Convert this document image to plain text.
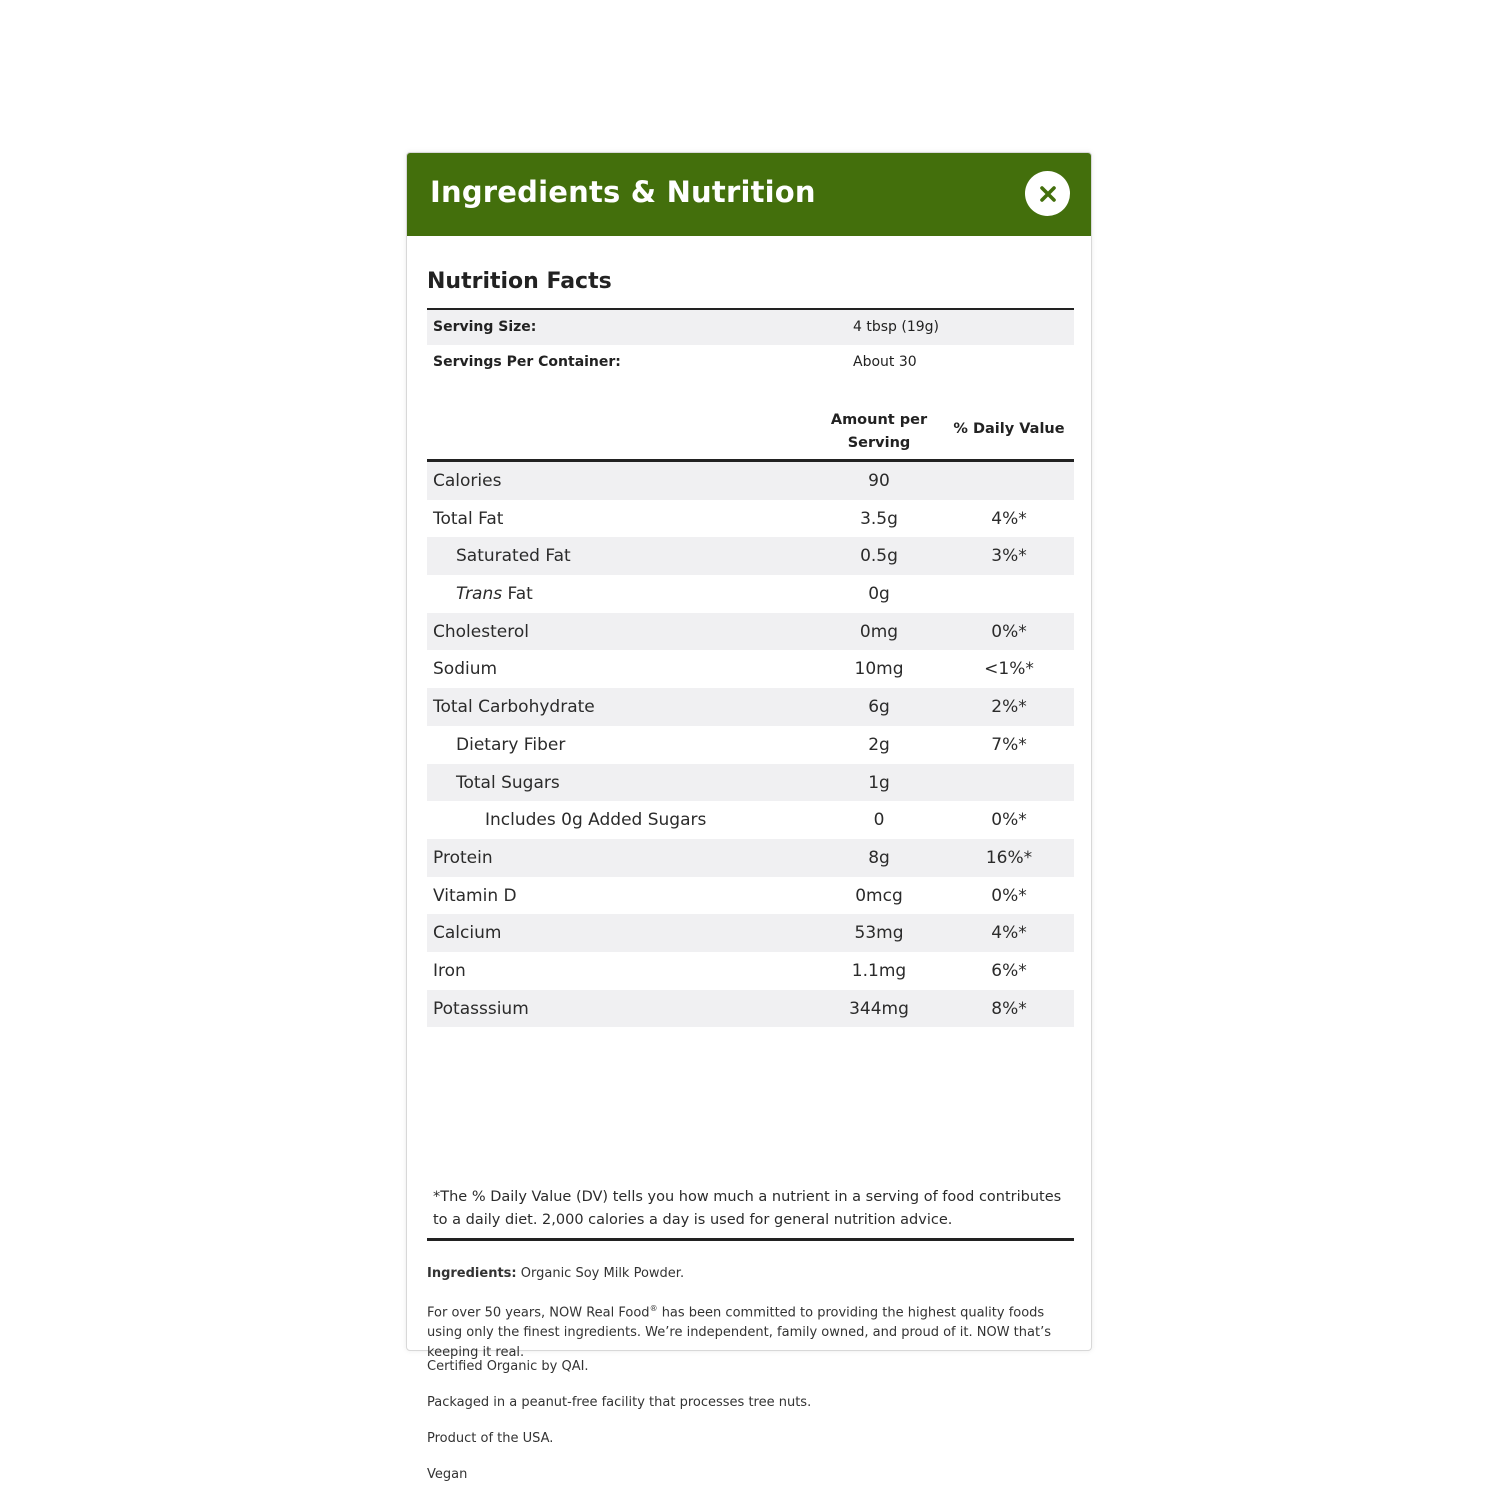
Ingredients & Nutrition
Nutrition Facts
Serving Size:	4 tbsp (19g)
Servings Per Container:	About 30
Amount per
Serving
% Daily Value
Calories	90
Total Fat	3.5g	4%*
Saturated Fat	0.5g	3%*
Trans Fat	0g
Cholesterol	0mg	0%*
Sodium	10mg	<1%*
Total Carbohydrate	6g	2%*
Dietary Fiber	2g	7%*
Total Sugars	1g
Includes 0g Added Sugars	0	0%*
Protein	8g	16%*
Vitamin D	0mcg	0%*
Calcium	53mg	4%*
Iron	1.1mg	6%*
Potasssium	344mg	8%*
*The % Daily Value (DV) tells you how much a nutrient in a serving of food contributes to a daily diet. 2,000 calories a day is used for general nutrition advice.
Ingredients: Organic Soy Milk Powder.
For over 50 years, NOW Real Food® has been committed to providing the highest quality foods using only the finest ingredients. We’re independent, family owned, and proud of it. NOW that’s keeping it real.
Certified Organic by QAI.
Packaged in a peanut-free facility that processes tree nuts.
Product of the USA.
Vegan
